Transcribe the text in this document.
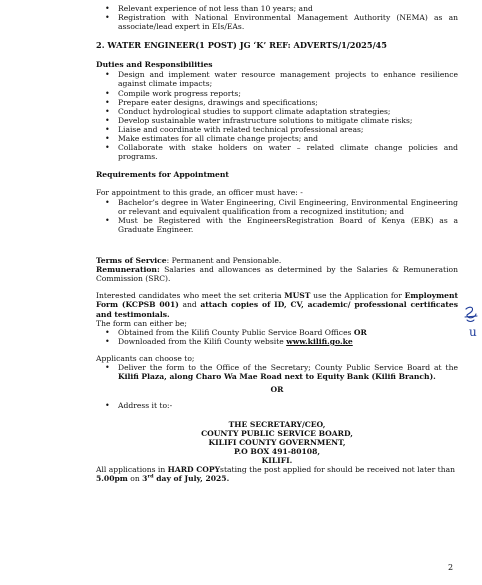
• Relevant experience of not less than 10 years; and
• Registration with National Environmental Management Authority (NEMA) as an associate/lead expert in EIs/EAs.
2. WATER ENGINEER(1 POST) JG ‘K’ REF: ADVERTS/1/2025/45
Duties and Responsibilities
• Design and implement water resource management projects to enhance resilience against climate impacts;
• Compile work progress reports;
• Prepare eater designs, drawings and specifications;
• Conduct hydrological studies to support climate adaptation strategies;
• Develop sustainable water infrastructure solutions to mitigate climate risks;
• Liaise and coordinate with related technical professional areas;
• Make estimates for all climate change projects; and
• Collaborate with stake holders on water – related climate change policies and programs.
Requirements for Appointment

For appointment to this grade, an officer must have: -

• Bachelor’s degree in Water Engineering, Civil Engineering, Environmental Engineering or relevant and equivalent qualification from a recognized institution; and
• Must be Registered with the EngineersRegistration Board of Kenya (EBK) as a Graduate Engineer.

Terms of Service: Permanent and Pensionable.

Remuneration: Salaries and allowances as determined by the Salaries & Remuneration Commission (SRC).

Interested candidates who meet the set criteria MUST use the Application for Employment Form (KCPSB 001) and attach copies of ID, CV, academic/ professional certificates and testimonials.

The form can either be;

• Obtained from the Kilifi County Public Service Board Offices OR
• Downloaded from the Kilifi County website www.kilifi.go.ke

Applicants can choose to;

• Deliver the form to the Office of the Secretary; County Public Service Board at the Kilifi Plaza, along Charo Wa Mae Road next to Equity Bank (Kilifi Branch).
OR
• Address it to:-
THE SECRETARY/CEO,
COUNTY PUBLIC SERVICE BOARD,
KILIFI COUNTY GOVERNMENT,
P.O BOX 491-80108,
KILIFI.

All applications in HARD COPYstating the post applied for should be received not later than 5.00pm on 3rd day of July, 2025.

u
2
